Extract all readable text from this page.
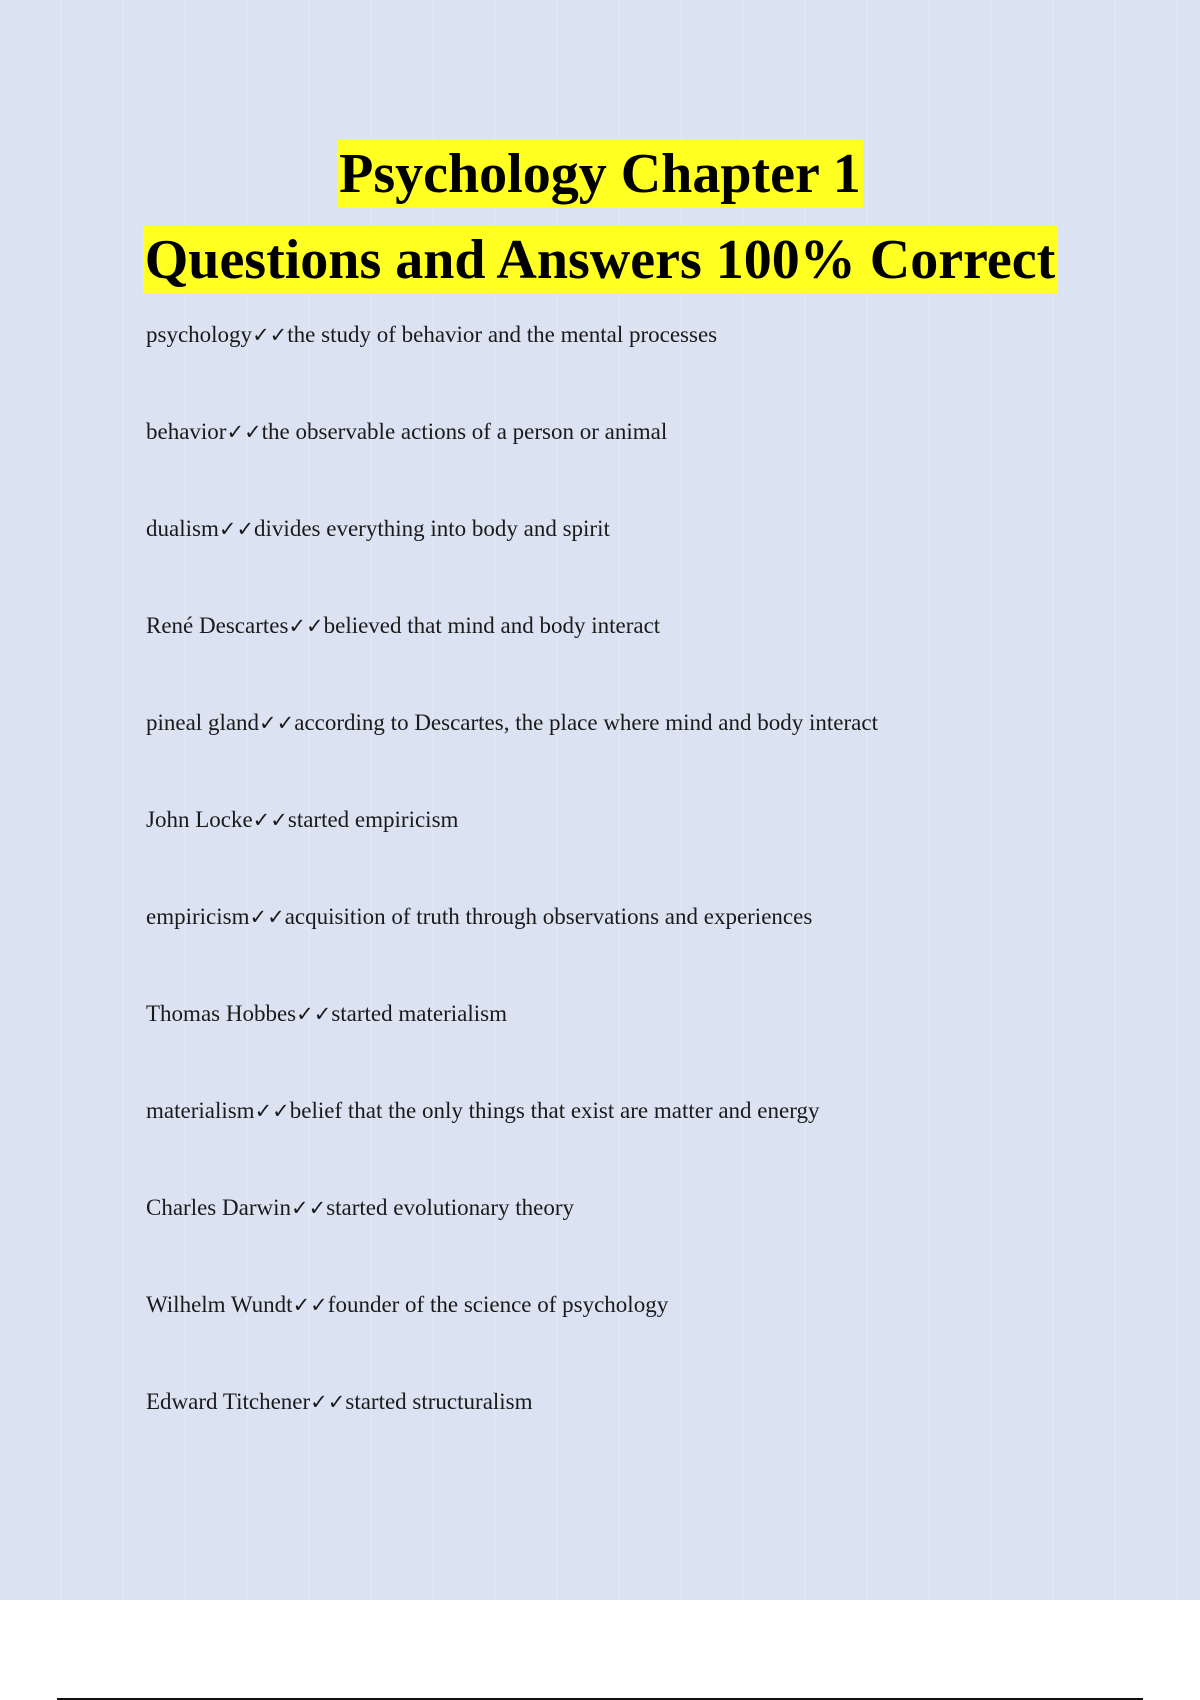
Psychology Chapter 1
Questions and Answers 100% Correct
psychology✓✓the study of behavior and the mental processes
behavior✓✓the observable actions of a person or animal
dualism✓✓divides everything into body and spirit
René Descartes✓✓believed that mind and body interact
pineal gland✓✓according to Descartes, the place where mind and body interact
John Locke✓✓started empiricism
empiricism✓✓acquisition of truth through observations and experiences
Thomas Hobbes✓✓started materialism
materialism✓✓belief that the only things that exist are matter and energy
Charles Darwin✓✓started evolutionary theory
Wilhelm Wundt✓✓founder of the science of psychology
Edward Titchener✓✓started structuralism
